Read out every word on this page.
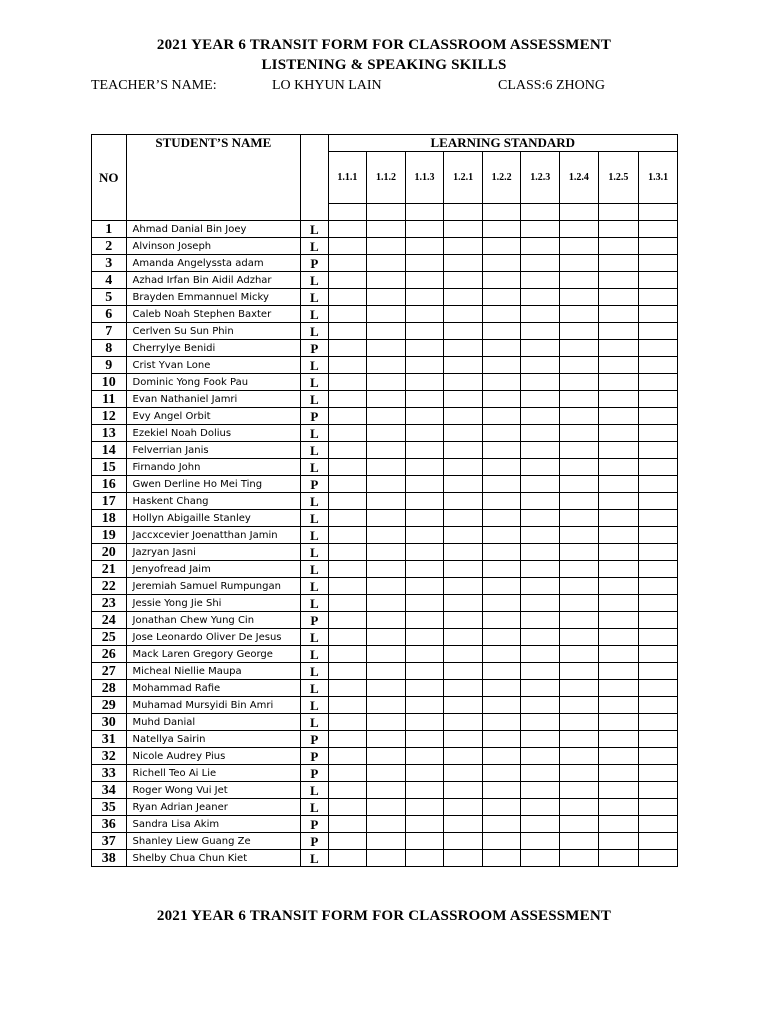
2021 YEAR 6 TRANSIT FORM FOR CLASSROOM ASSESSMENT
LISTENING & SPEAKING SKILLS
TEACHER’S NAME:	LO KHYUN LAIN	CLASS:6 ZHONG
NO	STUDENT’S NAME		LEARNING STANDARD								
			1.1.1	1.1.2	1.1.3	1.2.1	1.2.2	1.2.3	1.2.4	1.2.5	1.3.1

1	Ahmad Danial Bin Joey	L									
2	Alvinson Joseph	L									
3	Amanda Angelyssta adam	P									
4	Azhad Irfan Bin Aidil Adzhar	L									
5	Brayden Emmannuel Micky	L									
6	Caleb Noah Stephen Baxter	L									
7	Cerlven Su Sun Phin	L									
8	Cherrylye Benidi	P									
9	Crist Yvan Lone	L									
10	Dominic Yong Fook Pau	L									
11	Evan Nathaniel Jamri	L									
12	Evy Angel Orbit	P									
13	Ezekiel Noah Dolius	L									
14	Felverrian Janis	L									
15	Firnando John	L									
16	Gwen Derline Ho Mei Ting	P									
17	Haskent Chang	L									
18	Hollyn Abigaille Stanley	L									
19	Jaccxcevier Joenatthan Jamin	L									
20	Jazryan Jasni	L									
21	Jenyofread Jaim	L									
22	Jeremiah Samuel Rumpungan	L									
23	Jessie Yong Jie Shi	L									
24	Jonathan Chew Yung Cin	P									
25	Jose Leonardo Oliver De Jesus	L									
26	Mack Laren Gregory George	L									
27	Micheal Niellie Maupa	L									
28	Mohammad Rafie	L									
29	Muhamad Mursyidi Bin Amri	L									
30	Muhd Danial	L									
31	Natellya Sairin	P									
32	Nicole Audrey Pius	P									
33	Richell Teo Ai Lie	P									
34	Roger Wong Vui Jet	L									
35	Ryan Adrian Jeaner	L									
36	Sandra Lisa Akim	P									
37	Shanley Liew Guang Ze	P									
38	Shelby Chua Chun Kiet	L									
2021 YEAR 6 TRANSIT FORM FOR CLASSROOM ASSESSMENT
